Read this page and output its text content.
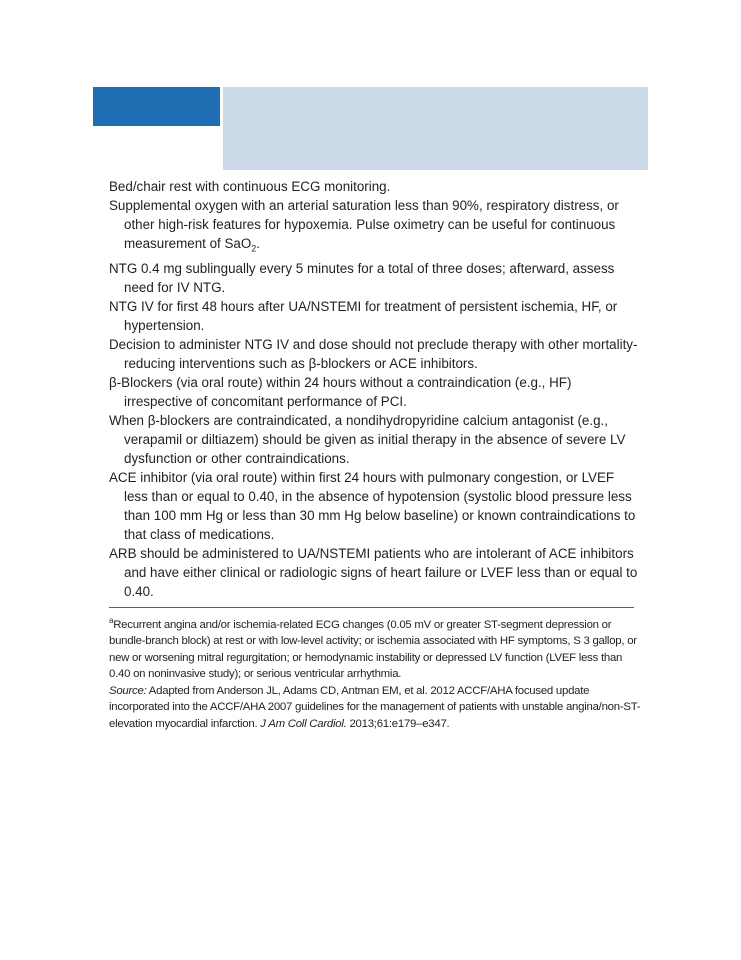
Bed/chair rest with continuous ECG monitoring.

Supplemental oxygen with an arterial saturation less than 90%, respiratory distress, or other high-risk features for hypoxemia. Pulse oximetry can be useful for continuous measurement of SaO$_2$.

NTG 0.4 mg sublingually every 5 minutes for a total of three doses; afterward, assess need for IV NTG.

NTG IV for first 48 hours after UA/NSTEMI for treatment of persistent ischemia, HF, or hypertension.

Decision to administer NTG IV and dose should not preclude therapy with other mortality-reducing interventions such as β-blockers or ACE inhibitors.

β-Blockers (via oral route) within 24 hours without a contraindication (e.g., HF) irrespective of concomitant performance of PCI.

When β-blockers are contraindicated, a nondihydropyridine calcium antagonist (e.g., verapamil or diltiazem) should be given as initial therapy in the absence of severe LV dysfunction or other contraindications.

ACE inhibitor (via oral route) within first 24 hours with pulmonary congestion, or LVEF less than or equal to 0.40, in the absence of hypotension (systolic blood pressure less than 100 mm Hg or less than 30 mm Hg below baseline) or known contraindications to that class of medications.

ARB should be administered to UA/NSTEMI patients who are intolerant of ACE inhibitors and have either clinical or radiologic signs of heart failure or LVEF less than or equal to 0.40.

$^a$Recurrent angina and/or ischemia-related ECG changes (0.05 mV or greater ST-segment depression or bundle-branch block) at rest or with low-level activity; or ischemia associated with HF symptoms, S 3 gallop, or new or worsening mitral regurgitation; or hemodynamic instability or depressed LV function (LVEF less than 0.40 on noninvasive study); or serious ventricular arrhythmia.

Source: Adapted from Anderson JL, Adams CD, Antman EM, et al. 2012 ACCF/AHA focused update incorporated into the ACCF/AHA 2007 guidelines for the management of patients with unstable angina/non-ST-elevation myocardial infarction. J Am Coll Cardiol. 2013;61:e179–e347.
